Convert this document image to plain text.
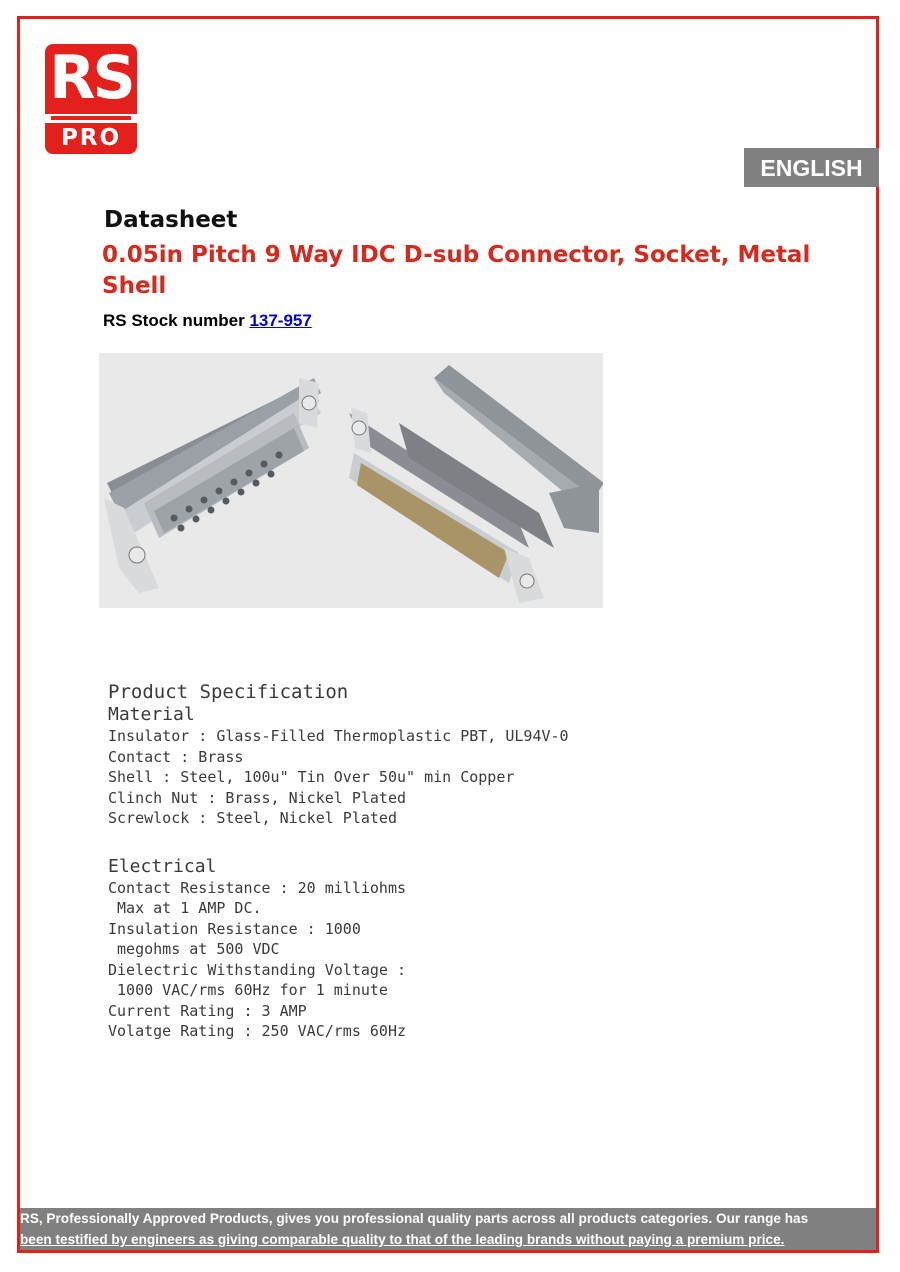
RS
PRO
ENGLISH
Datasheet
0.05in Pitch 9 Way IDC D-sub Connector, Socket, Metal Shell
RS Stock number 137-957

Product Specification

Material

Insulator : Glass-Filled Thermoplastic PBT, UL94V-0

Contact : Brass

Shell : Steel, 100u" Tin Over 50u" min Copper

Clinch Nut : Brass, Nickel Plated

Screwlock : Steel, Nickel Plated

Electrical

Contact Resistance : 20 milliohms

Max at 1 AMP DC.

Insulation Resistance : 1000

megohms at 500 VDC

Dielectric Withstanding Voltage :

1000 VAC/rms 60Hz for 1 minute

Current Rating : 3 AMP

Volatge Rating : 250 VAC/rms 60Hz

RS, Professionally Approved Products, gives you professional quality parts across all products categories. Our range has

been testified by engineers as giving comparable quality to that of the leading brands without paying a premium price.
